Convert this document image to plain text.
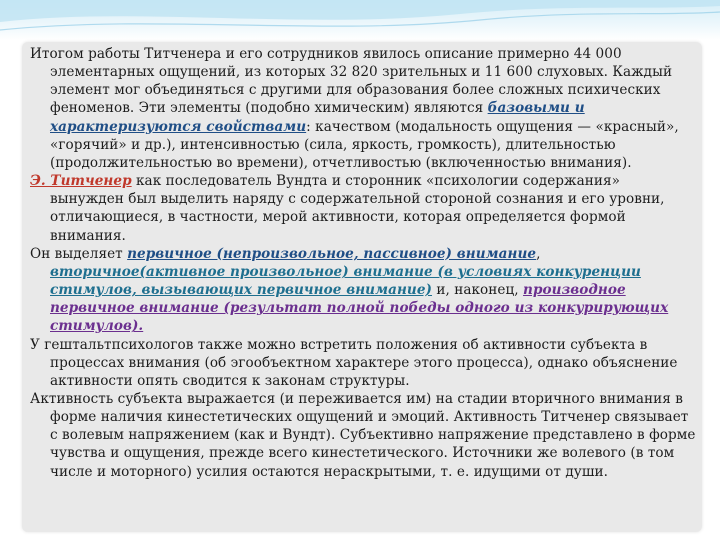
Итогом работы Титченера и его сотрудников явилось описание примерно 44 000 элементарных ощущений, из которых 32 820 зрительных и 11 600 слуховых. Каждый элемент мог объединяться с другими для образования более сложных психических феноменов. Эти элементы (подобно химическим) являются базовыми и характеризуются свойствами: качеством (модальность ощущения — «красный», «горячий» и др.), интенсивностью (сила, яркость, громкость), длительностью (продолжительностью во времени), отчетливостью (включенностью внимания).

Э. Титченер как последователь Вундта и сторонник «психологии содержания» вынужден был выделить наряду с содержательной стороной сознания и его уровни, отличающиеся, в частности, мерой активности, которая определяется формой внимания.

Он выделяет первичное (непроизвольное, пассивное) внимание, вторичное(активное произвольное) внимание (в условиях конкуренции стимулов, вызывающих первичное внимание) и, наконец, производное первичное внимание (результат полной победы одного из конкурирующих стимулов).

У гештальтпсихологов также можно встретить положения об активности субъекта в процессах внимания (об эгообъектном характере этого процесса), однако объяснение активности опять сводится к законам структуры.

Активность субъекта выражается (и переживается им) на стадии вторичного внимания в форме наличия кинестетических ощущений и эмоций. Активность Титченер связывает с волевым напряжением (как и Вундт). Субъективно напряжение представлено в форме чувства и ощущения, прежде всего кинестетического. Источники же волевого (в том числе и моторного) усилия остаются нераскрытыми, т. е. идущими от души.
